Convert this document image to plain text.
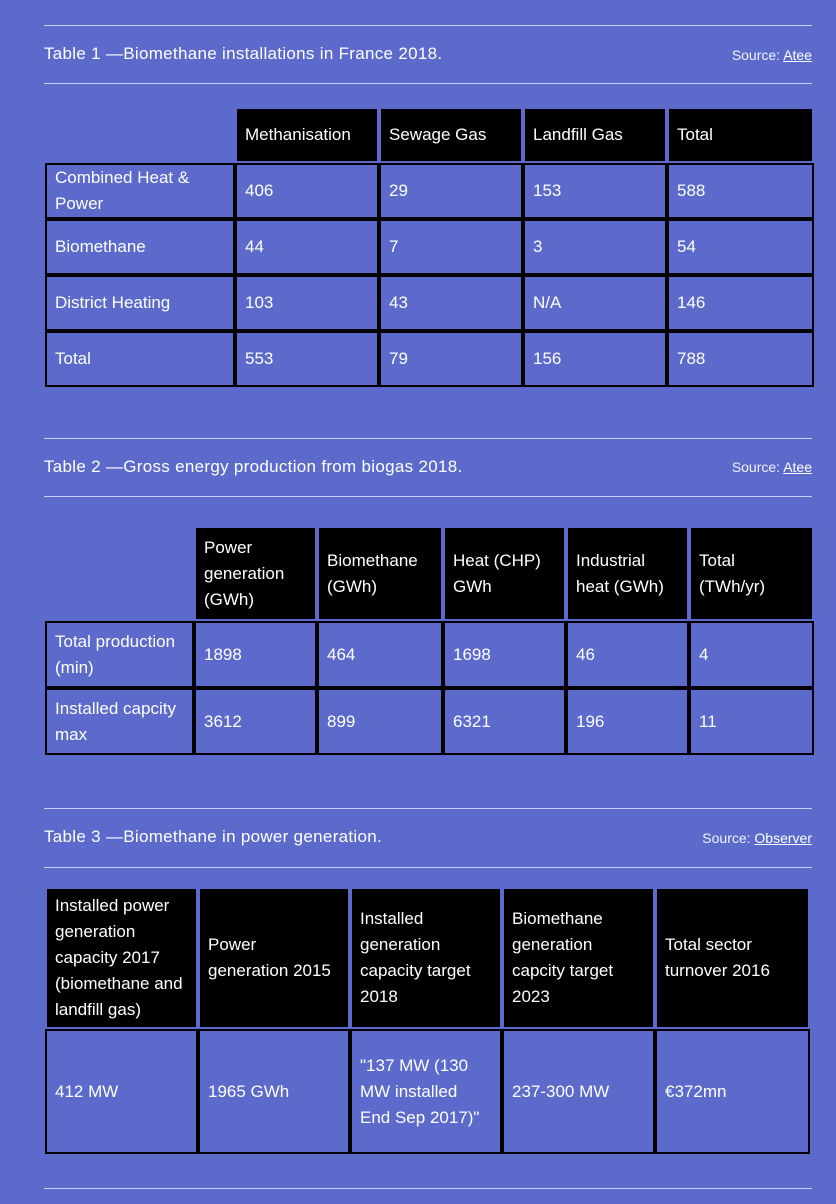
Table 1 —Biomethane installations in France 2018.	Source: Atee
	Methanisation	Sewage Gas	Landfill Gas	Total
Combined Heat & Power	406	29	153	588
Biomethane	44	7	3	54
District Heating	103	43	N/A	146
Total	553	79	156	788
Table 2 —Gross energy production from biogas 2018.	Source: Atee
	Power generation (GWh)	Biomethane (GWh)	Heat (CHP) GWh	Industrial heat (GWh)	Total (TWh/yr)
Total production (min)	1898	464	1698	46	4
Installed capcity max	3612	899	6321	196	11
Table 3 —Biomethane in power generation.	Source: Observer
Installed power generation capacity 2017 (biomethane and landfill gas)	Power generation 2015	Installed generation capacity target 2018	Biomethane generation capcity target 2023	Total sector turnover 2016
412 MW	1965 GWh	"137 MW (130 MW installed End Sep 2017)"	237-300 MW	€372mn
